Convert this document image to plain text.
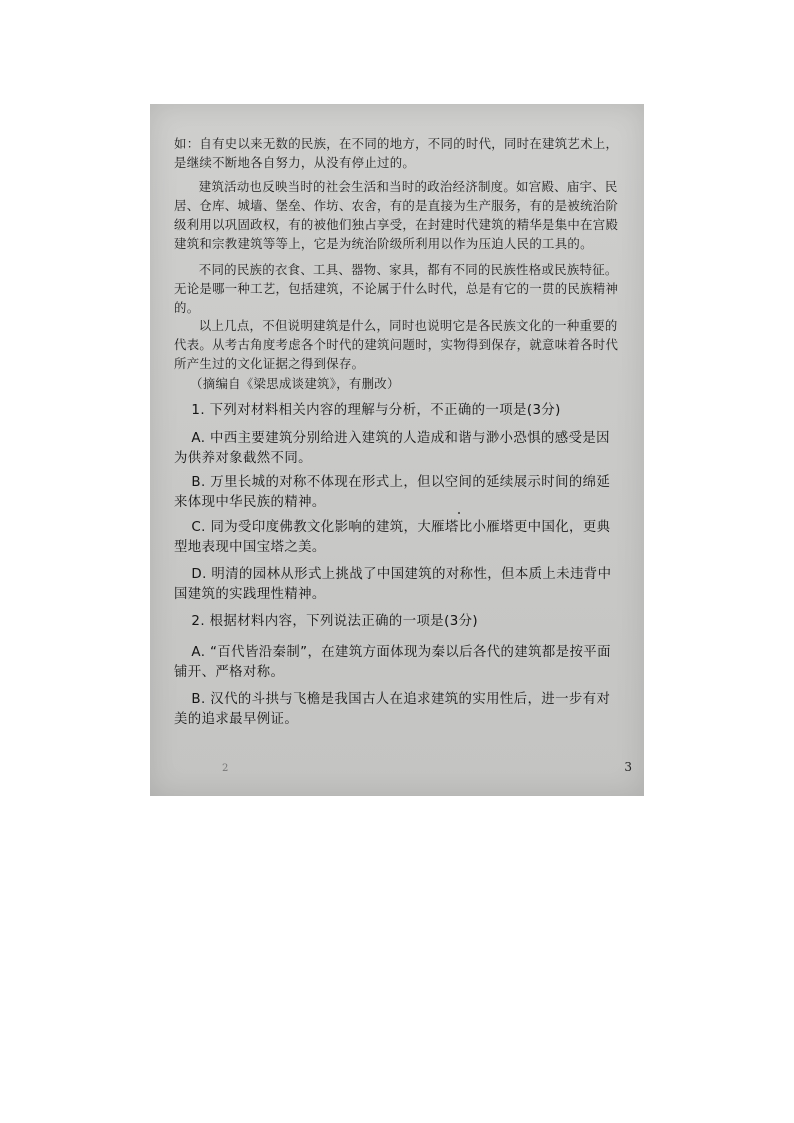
如：自有史以来无数的民族，在不同的地方，不同的时代，同时在建筑艺术上，是继续不断地各自努力，从没有停止过的。
建筑活动也反映当时的社会生活和当时的政治经济制度。如宫殿、庙宇、民居、仓库、城墙、堡垒、作坊、农舍，有的是直接为生产服务，有的是被统治阶级利用以巩固政权，有的被他们独占享受，在封建时代建筑的精华是集中在宫殿建筑和宗教建筑等等上，它是为统治阶级所利用以作为压迫人民的工具的。
不同的民族的衣食、工具、器物、家具，都有不同的民族性格或民族特征。无论是哪一种工艺，包括建筑，不论属于什么时代，总是有它的一贯的民族精神的。
以上几点，不但说明建筑是什么，同时也说明它是各民族文化的一种重要的代表。从考古角度考虑各个时代的建筑问题时，实物得到保存，就意味着各时代所产生过的文化证据之得到保存。
（摘编自《梁思成谈建筑》，有删改）
1. 下列对材料相关内容的理解与分析，不正确的一项是(3分)
A. 中西主要建筑分别给进入建筑的人造成和谐与渺小恐惧的感受是因为供养对象截然不同。
B. 万里长城的对称不体现在形式上，但以空间的延续展示时间的绵延来体现中华民族的精神。
C. 同为受印度佛教文化影响的建筑，大雁塔比小雁塔更中国化，更典型地表现中国宝塔之美。
D. 明清的园林从形式上挑战了中国建筑的对称性，但本质上未违背中国建筑的实践理性精神。
2. 根据材料内容，下列说法正确的一项是(3分)
A. “百代皆沿秦制”，在建筑方面体现为秦以后各代的建筑都是按平面铺开、严格对称。
B. 汉代的斗拱与飞檐是我国古人在追求建筑的实用性后，进一步有对美的追求最早例证。
2	3
